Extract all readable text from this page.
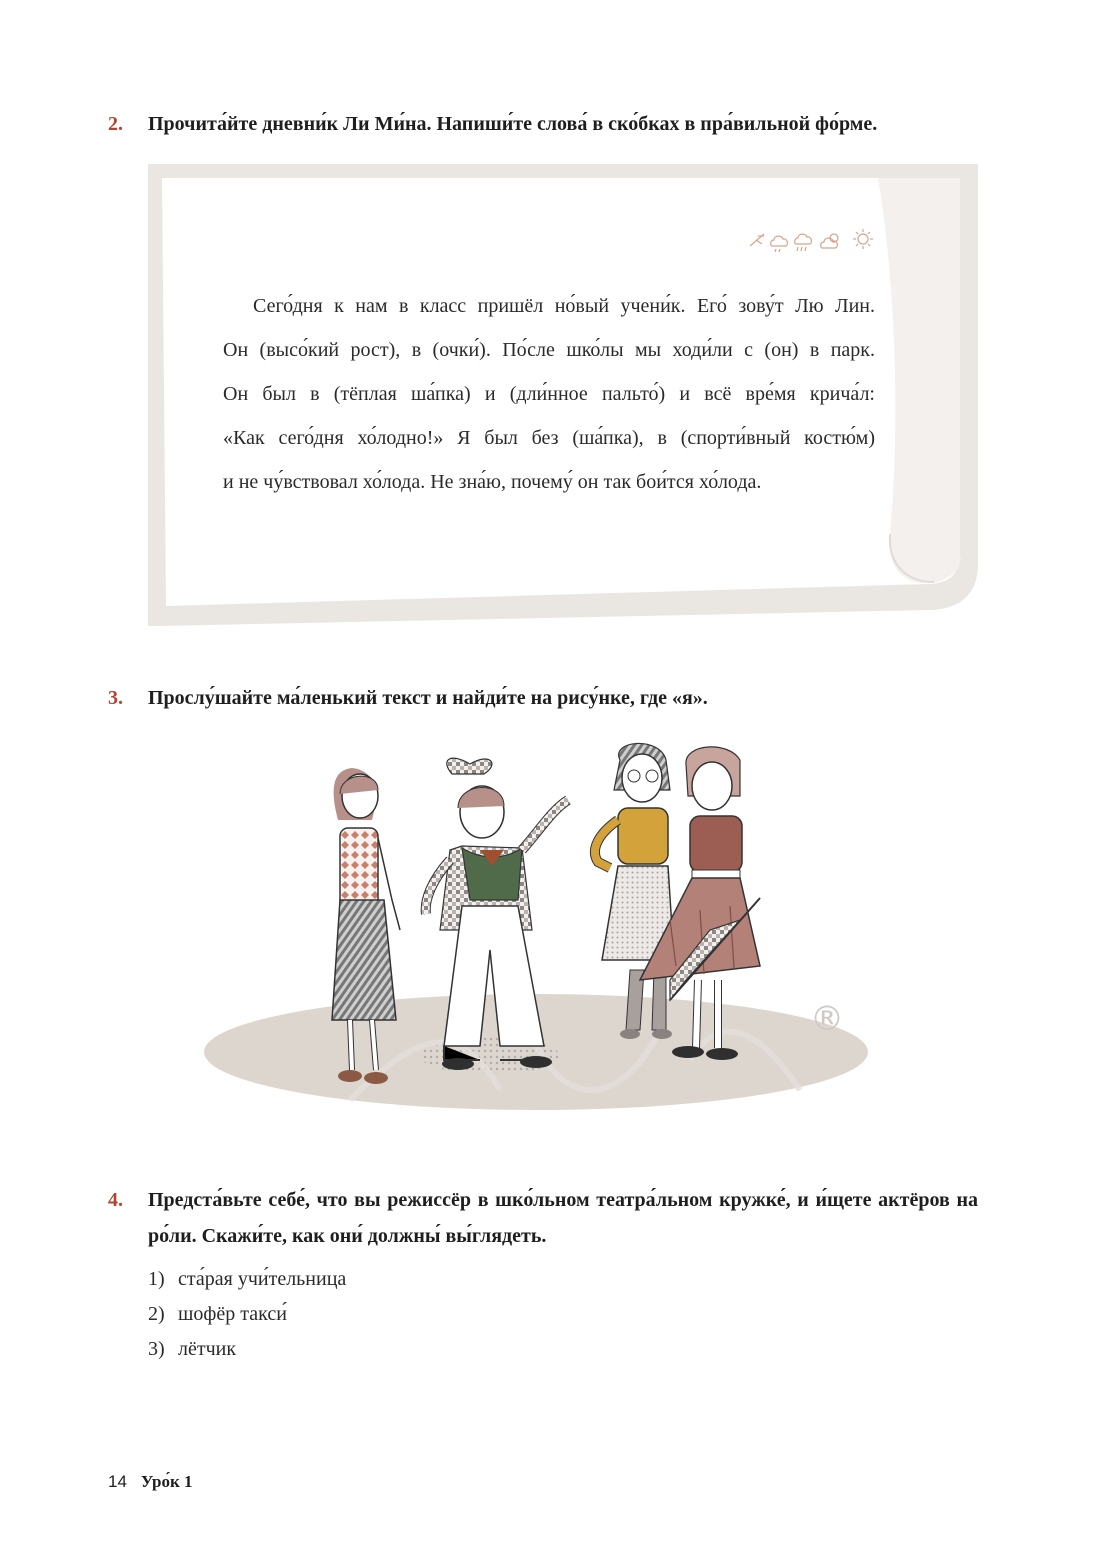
2. Прочита́йте дневни́к Ли Ми́на. Напиши́те слова́ в ско́бках в пра́вильной фо́рме.
Сего́дня к нам в класс пришёл но́вый учени́к. Его́ зову́т Лю Лин.
Он (высо́кий рост), в (очки́). По́сле шко́лы мы ходи́ли с (он) в парк.
Он был в (тёплая ша́пка) и (дли́нное пальто́) и всё вре́мя крича́л:
«Как сего́дня хо́лодно!» Я был без (ша́пка), в (спорти́вный костю́м)
и не чу́вствовал хо́лода. Не зна́ю, почему́ он так бои́тся хо́лода.
3. Прослу́шайте ма́ленький текст и найди́те на рису́нке, где «я».
®
4. Предста́вьте себе́, что вы режиссёр в шко́льном театра́льном кружке́, и и́щете актёров на ро́ли. Скажи́те, как они́ должны́ вы́глядеть.
1) ста́рая учи́тельница
2) шофёр такси́
3) лётчик
14 Уро́к 1
